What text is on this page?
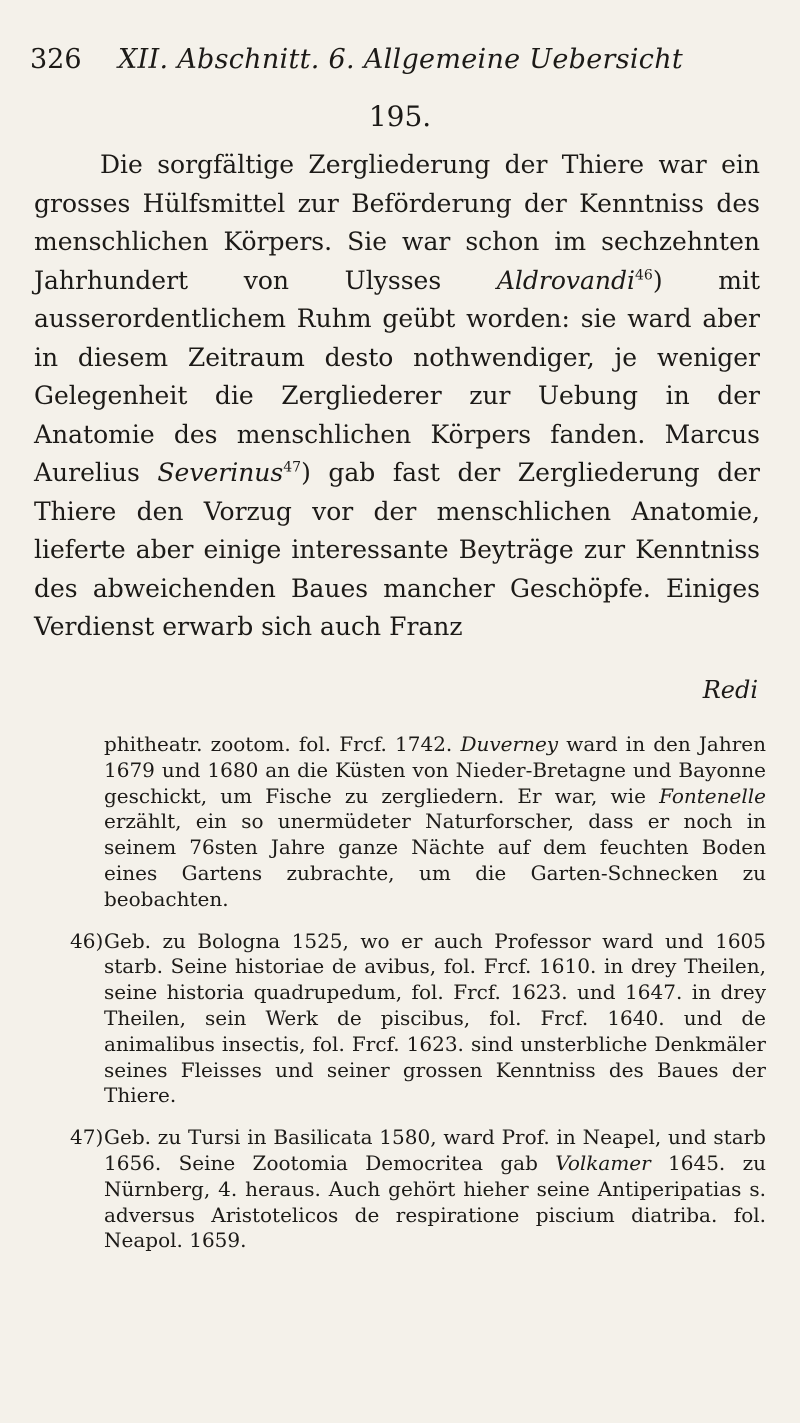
326 XII. Abschnitt. 6. Allgemeine Uebersicht
195.

Die sorgfältige Zergliederung der Thiere war ein grosses Hülfsmittel zur Beförderung der Kenntniss des menschlichen Körpers. Sie war schon im sechzehnten Jahrhundert von Ulysses Aldrovandi$^{46}$) mit ausserordentlichem Ruhm geübt worden: sie ward aber in diesem Zeitraum desto nothwendiger, je weniger Gelegenheit die Zergliederer zur Uebung in der Anatomie des menschlichen Körpers fanden. Marcus Aurelius Severinus$^{47}$) gab fast der Zergliederung der Thiere den Vorzug vor der menschlichen Anatomie, lieferte aber einige interessante Beyträge zur Kenntniss des abweichenden Baues mancher Geschöpfe. Einiges Verdienst erwarb sich auch Franz

Redi

phitheatr. zootom. fol. Frcf. 1742. Duverney ward in den Jahren 1679 und 1680 an die Küsten von Nieder-Bretagne und Bayonne geschickt, um Fische zu zergliedern. Er war, wie Fontenelle erzählt, ein so unermüdeter Naturforscher, dass er noch in seinem 76sten Jahre ganze Nächte auf dem feuchten Boden eines Gartens zubrachte, um die Garten-Schnecken zu beobachten.

46)Geb. zu Bologna 1525, wo er auch Professor ward und 1605 starb. Seine historiae de avibus, fol. Frcf. 1610. in drey Theilen, seine historia quadrupedum, fol. Frcf. 1623. und 1647. in drey Theilen, sein Werk de piscibus, fol. Frcf. 1640. und de animalibus insectis, fol. Frcf. 1623. sind unsterbliche Denkmäler seines Fleisses und seiner grossen Kenntniss des Baues der Thiere.

47)Geb. zu Tursi in Basilicata 1580, ward Prof. in Neapel, und starb 1656. Seine Zootomia Democritea gab Volkamer 1645. zu Nürnberg, 4. heraus. Auch gehört hieher seine Antiperipatias s. adversus Aristotelicos de respiratione piscium diatriba. fol. Neapol. 1659.
